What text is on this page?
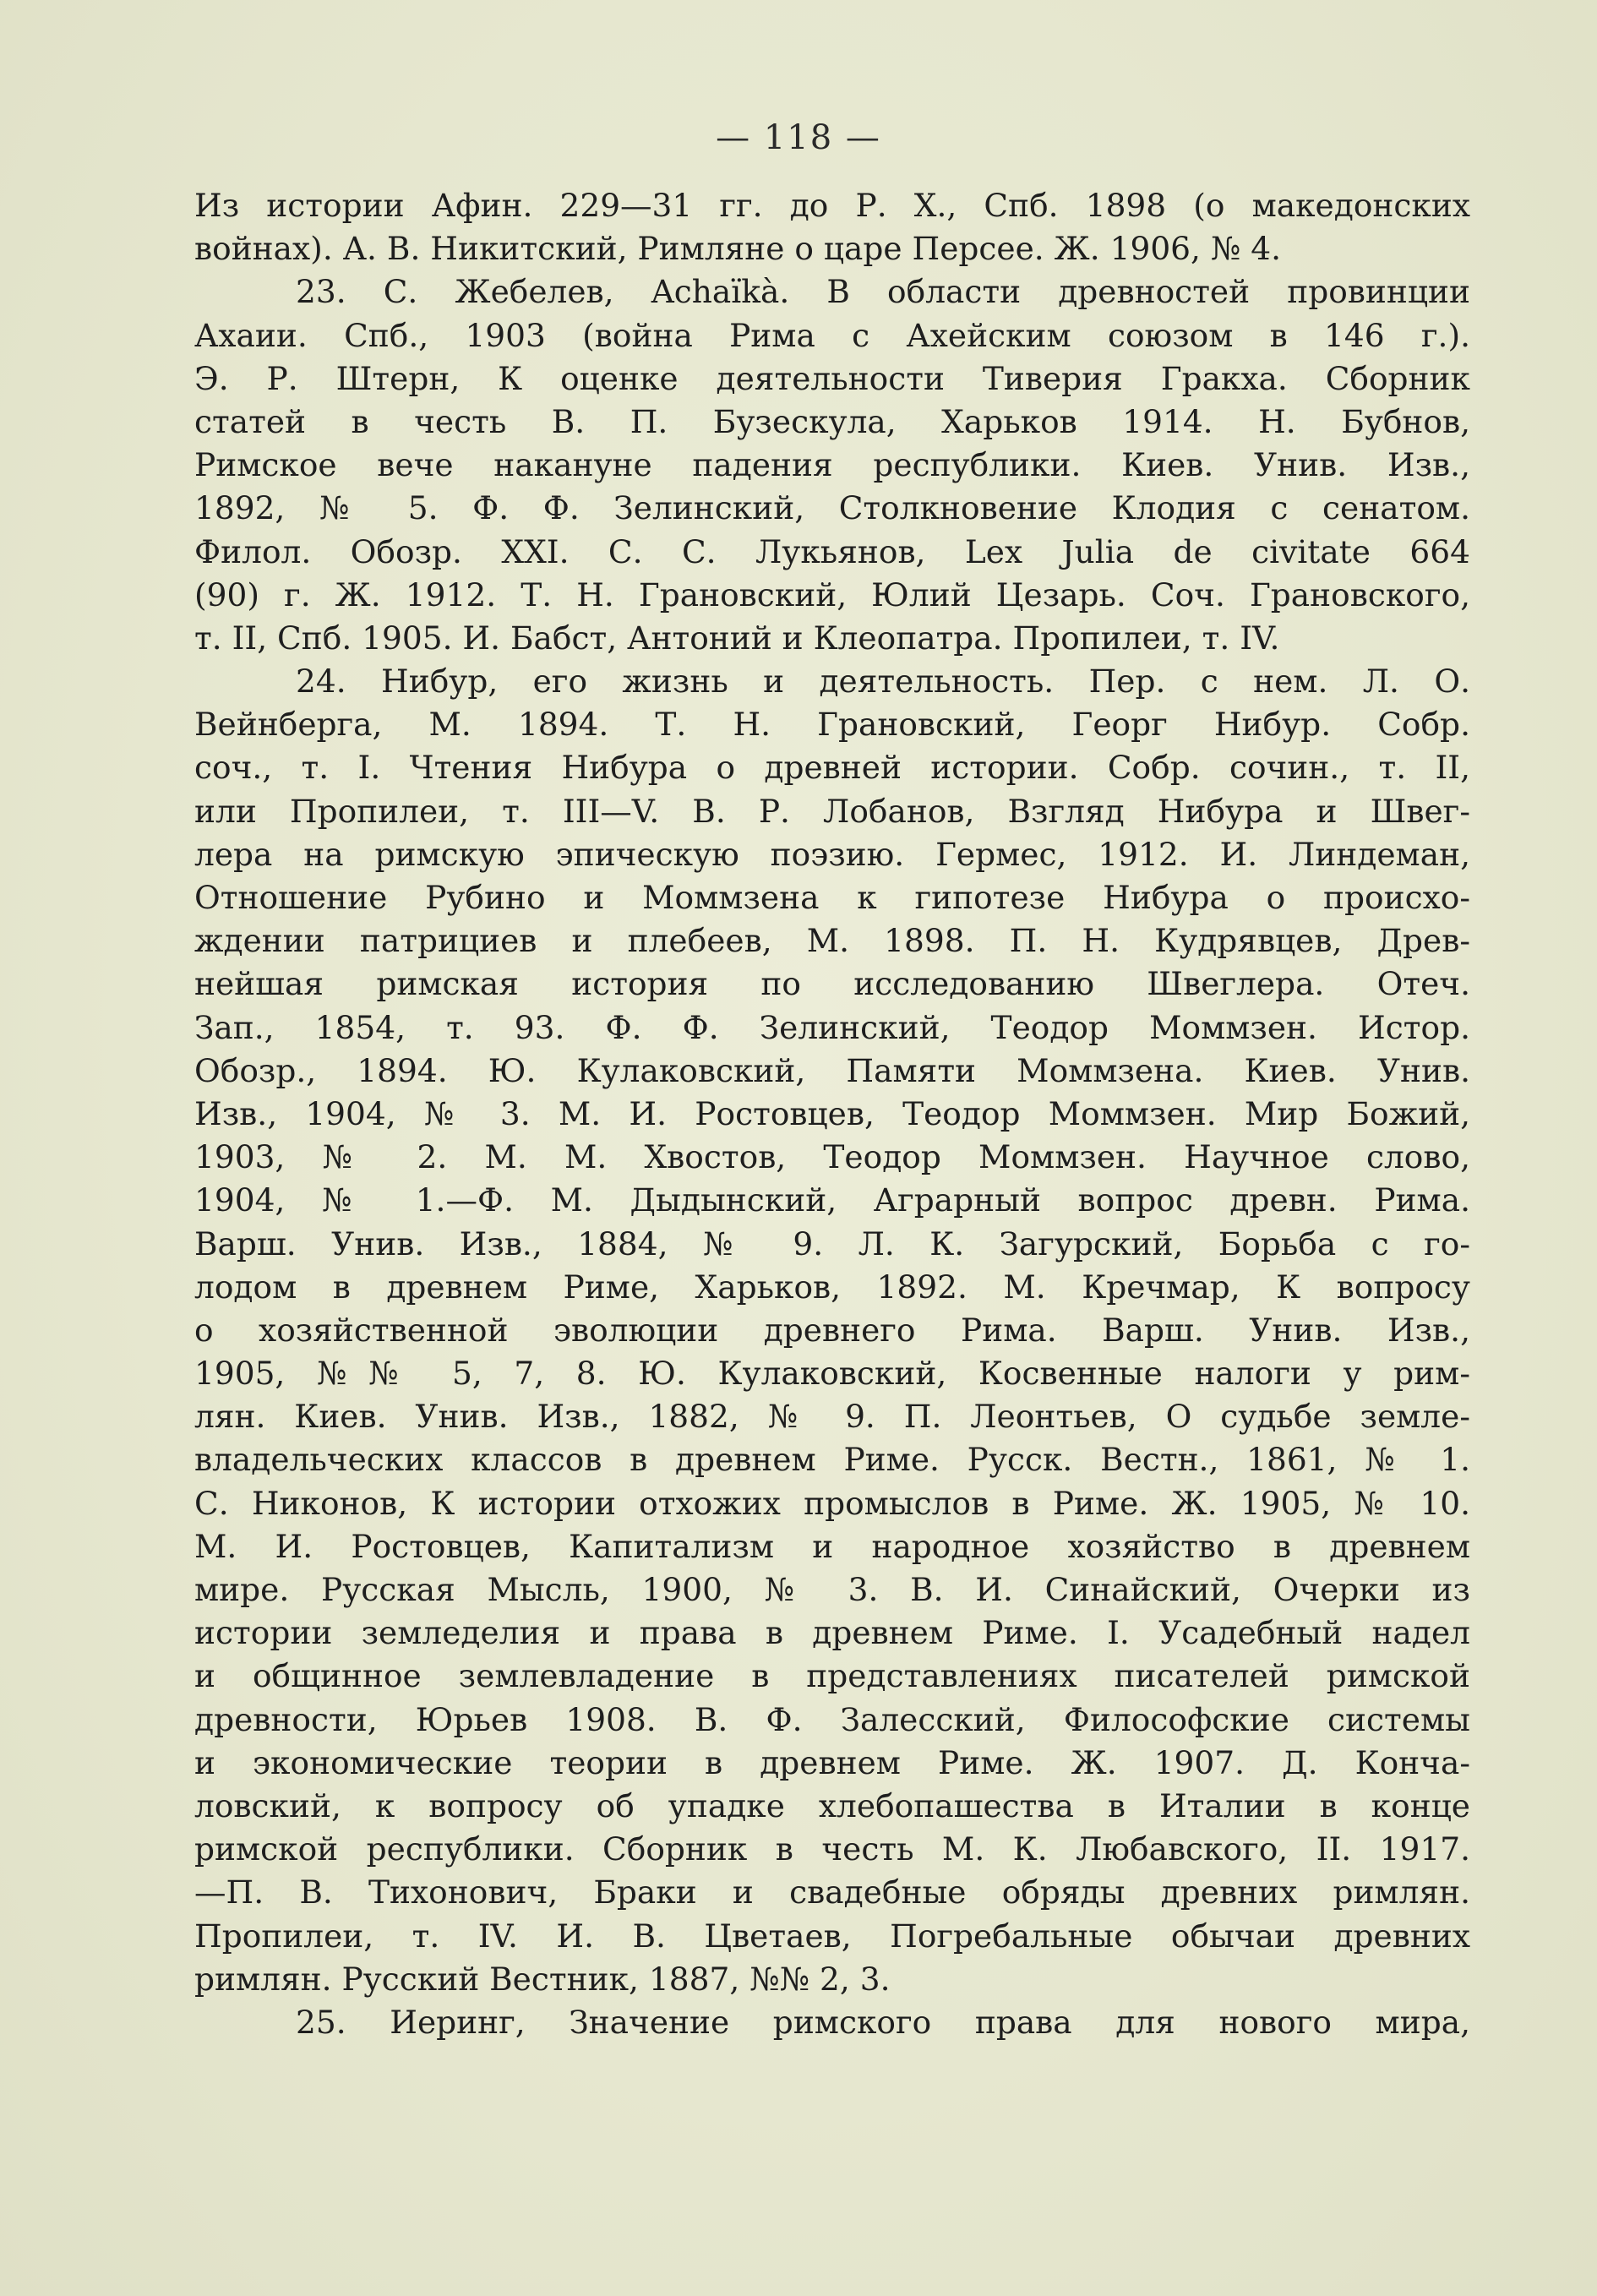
— 118 —
Из истории Афин. 229—31 гг. до Р. Х., Спб. 1898 (о македонских
войнах). А. В. Никитский, Римляне о царе Персее. Ж. 1906, № 4.
23. С. Жебелев, Achaїkà. В области древностей провинции
Ахаии. Спб., 1903 (война Рима с Ахейским союзом в 146 г.).
Э. Р. Штерн, К оценке деятельности Тиверия Гракха. Сборник
статей в честь В. П. Бузескула, Харьков 1914. Н. Бубнов,
Римское вече накануне падения республики. Киев. Унив. Изв.,
1892, № 5. Ф. Ф. Зелинский, Столкновение Клодия с сенатом.
Филол. Обозр. XXI. С. С. Лукьянов, Lex Julia de civitate 664
(90) г. Ж. 1912. Т. Н. Грановский, Юлий Цезарь. Соч. Грановского,
т. II, Спб. 1905. И. Бабст, Антоний и Клеопатра. Пропилеи, т. IV.
24. Нибур, его жизнь и деятельность. Пер. с нем. Л. О.
Вейнберга, М. 1894. Т. Н. Грановский, Георг Нибур. Собр.
соч., т. I. Чтения Нибура о древней истории. Собр. сочин., т. II,
или Пропилеи, т. III—V. В. Р. Лобанов, Взгляд Нибура и Швег-
лера на римскую эпическую поэзию. Гермес, 1912. И. Линдеман,
Отношение Рубино и Моммзена к гипотезе Нибура о происхо-
ждении патрициев и плебеев, М. 1898. П. Н. Кудрявцев, Древ-
нейшая римская история по исследованию Швеглера. Отеч.
Зап., 1854, т. 93. Ф. Ф. Зелинский, Теодор Моммзен. Истор.
Обозр., 1894. Ю. Кулаковский, Памяти Моммзена. Киев. Унив.
Изв., 1904, № 3. М. И. Ростовцев, Теодор Моммзен. Мир Божий,
1903, № 2. М. М. Хвостов, Теодор Моммзен. Научное слово,
1904, № 1.—Ф. М. Дыдынский, Аграрный вопрос древн. Рима.
Варш. Унив. Изв., 1884, № 9. Л. К. Загурский, Борьба с го-
лодом в древнем Риме, Харьков, 1892. М. Кречмар, К вопросу
о хозяйственной эволюции древнего Рима. Варш. Унив. Изв.,
1905, №№ 5, 7, 8. Ю. Кулаковский, Косвенные налоги у рим-
лян. Киев. Унив. Изв., 1882, № 9. П. Леонтьев, О судьбе земле-
владельческих классов в древнем Риме. Русск. Вестн., 1861, № 1.
С. Никонов, К истории отхожих промыслов в Риме. Ж. 1905, № 10.
М. И. Ростовцев, Капитализм и народное хозяйство в древнем
мире. Русская Мысль, 1900, № 3. В. И. Синайский, Очерки из
истории земледелия и права в древнем Риме. I. Усадебный надел
и общинное землевладение в представлениях писателей римской
древности, Юрьев 1908. В. Ф. Залесский, Философские системы
и экономические теории в древнем Риме. Ж. 1907. Д. Конча-
ловский, к вопросу об упадке хлебопашества в Италии в конце
римской республики. Сборник в честь М. К. Любавского, II. 1917.
—П. В. Тихонович, Браки и свадебные обряды древних римлян.
Пропилеи, т. IV. И. В. Цветаев, Погребальные обычаи древних
римлян. Русский Вестник, 1887, №№ 2, 3.
25. Иеринг, Значение римского права для нового мира,
